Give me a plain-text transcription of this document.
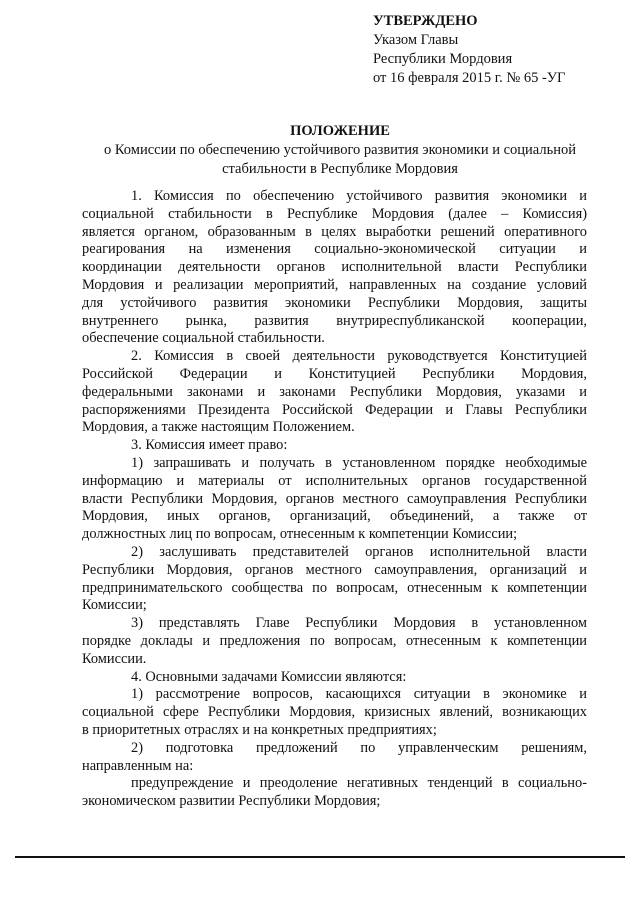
УТВЕРЖДЕНО
Указом Главы
Республики Мордовия
от 16 февраля 2015 г. № 65 -УГ
ПОЛОЖЕНИЕ
о Комиссии по обеспечению устойчивого развития экономики и социальной
стабильности в Республике Мордовия

1. Комиссия по обеспечению устойчивого развития экономики и

социальной стабильности в Республике Мордовия (далее – Комиссия)

является органом, образованным в целях выработки решений оперативного

реагирования на изменения социально-экономической ситуации и

координации деятельности органов исполнительной власти Республики

Мордовия и реализации мероприятий, направленных на создание условий

для устойчивого развития экономики Республики Мордовия, защиты

внутреннего рынка, развития внутриреспубликанской кооперации,

обеспечение социальной стабильности.

2. Комиссия в своей деятельности руководствуется Конституцией

Российской Федерации и Конституцией Республики Мордовия,

федеральными законами и законами Республики Мордовия, указами и

распоряжениями Президента Российской Федерации и Главы Республики

Мордовия, а также настоящим Положением.

3. Комиссия имеет право:

1) запрашивать и получать в установленном порядке необходимые

информацию и материалы от исполнительных органов государственной

власти Республики Мордовия, органов местного самоуправления Республики

Мордовия, иных органов, организаций, объединений, а также от

должностных лиц по вопросам, отнесенным к компетенции Комиссии;

2) заслушивать представителей органов исполнительной власти

Республики Мордовия, органов местного самоуправления, организаций и

предпринимательского сообщества по вопросам, отнесенным к компетенции

Комиссии;

3) представлять Главе Республики Мордовия в установленном

порядке доклады и предложения по вопросам, отнесенным к компетенции

Комиссии.

4. Основными задачами Комиссии являются:

1) рассмотрение вопросов, касающихся ситуации в экономике и

социальной сфере Республики Мордовия, кризисных явлений, возникающих

в приоритетных отраслях и на конкретных предприятиях;

2) подготовка предложений по управленческим решениям,

направленным на:

предупреждение и преодоление негативных тенденций в социально-

экономическом развитии Республики Мордовия;
